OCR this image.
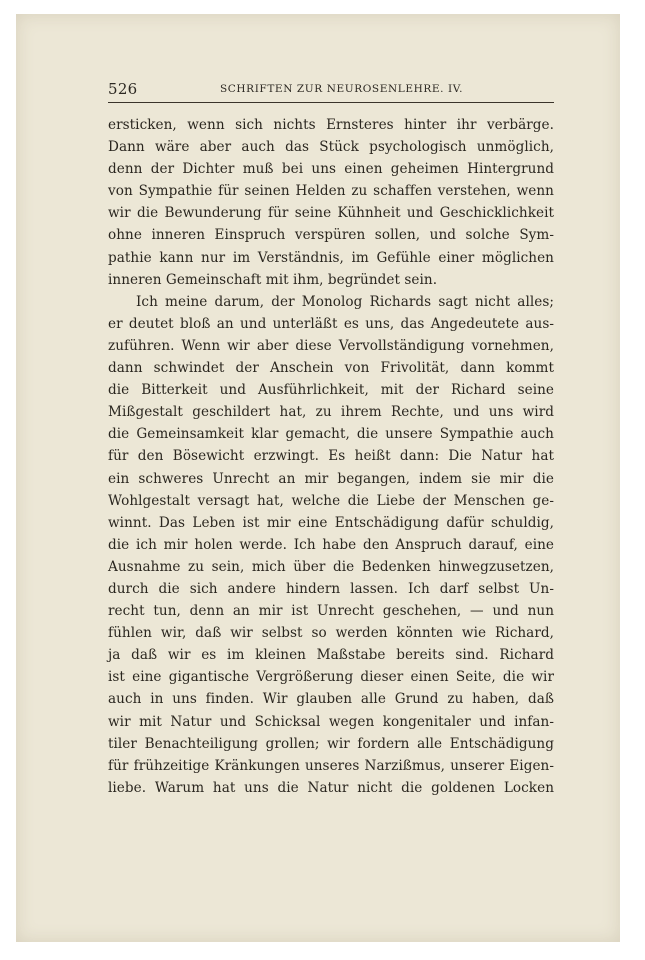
526	SCHRIFTEN ZUR NEUROSENLEHRE. IV.
ersticken, wenn sich nichts Ernsteres hinter ihr verbärge.
Dann wäre aber auch das Stück psychologisch unmöglich,
denn der Dichter muß bei uns einen geheimen Hintergrund
von Sympathie für seinen Helden zu schaffen verstehen, wenn
wir die Bewunderung für seine Kühnheit und Geschicklichkeit
ohne inneren Einspruch verspüren sollen, und solche Sym-
pathie kann nur im Verständnis, im Gefühle einer möglichen
inneren Gemeinschaft mit ihm, begründet sein.
Ich meine darum, der Monolog Richards sagt nicht alles;
er deutet bloß an und unterläßt es uns, das Angedeutete aus-
zuführen. Wenn wir aber diese Vervollständigung vornehmen,
dann schwindet der Anschein von Frivolität, dann kommt
die Bitterkeit und Ausführlichkeit, mit der Richard seine
Mißgestalt geschildert hat, zu ihrem Rechte, und uns wird
die Gemeinsamkeit klar gemacht, die unsere Sympathie auch
für den Bösewicht erzwingt. Es heißt dann: Die Natur hat
ein schweres Unrecht an mir begangen, indem sie mir die
Wohlgestalt versagt hat, welche die Liebe der Menschen ge-
winnt. Das Leben ist mir eine Entschädigung dafür schuldig,
die ich mir holen werde. Ich habe den Anspruch darauf, eine
Ausnahme zu sein, mich über die Bedenken hinwegzusetzen,
durch die sich andere hindern lassen. Ich darf selbst Un-
recht tun, denn an mir ist Unrecht geschehen, — und nun
fühlen wir, daß wir selbst so werden könnten wie Richard,
ja daß wir es im kleinen Maßstabe bereits sind. Richard
ist eine gigantische Vergrößerung dieser einen Seite, die wir
auch in uns finden. Wir glauben alle Grund zu haben, daß
wir mit Natur und Schicksal wegen kongenitaler und infan-
tiler Benachteiligung grollen; wir fordern alle Entschädigung
für frühzeitige Kränkungen unseres Narzißmus, unserer Eigen-
liebe. Warum hat uns die Natur nicht die goldenen Locken
